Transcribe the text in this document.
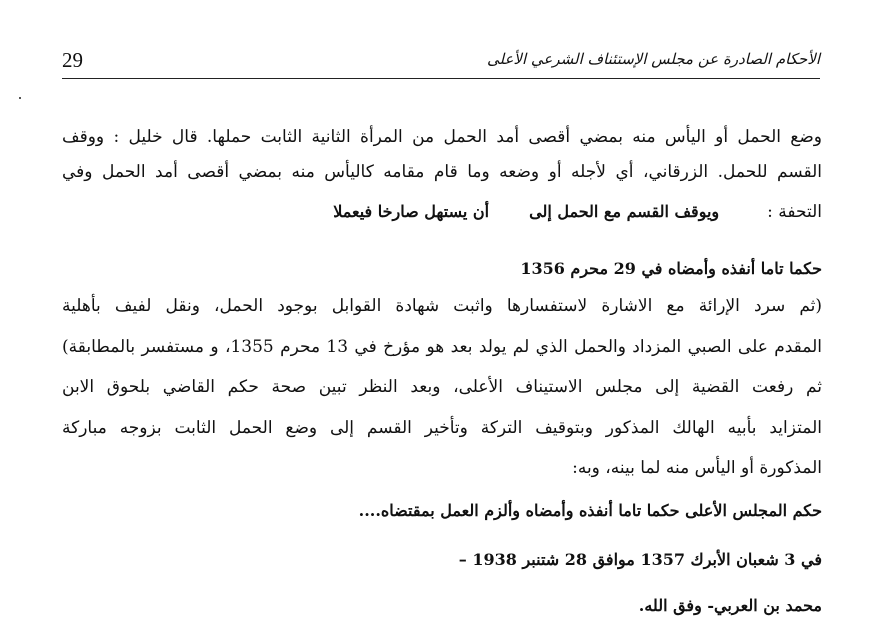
29	الأحكام الصادرة عن مجلس الإستئناف الشرعي الأعلى
وضع الحمل أو اليأس منه بمضي أقصى أمد الحمل من المرأة الثانية الثابت حملها. قال خليل : ووقف
القسم للحمل. الزرقاني، أي لأجله أو وضعه وما قام مقامه كاليأس منه بمضي أقصى أمد الحمل وفي
التحفة :ويوقف القسم مع الحمل إلىأن يستهل صارخا فيعملا
حكما تاما أنفذه وأمضاه في 29 محرم 1356
(ثم سرد الإرائة مع الاشارة لاستفسارها واثبت شهادة القوابل بوجود الحمل، ونقل لفيف بأهلية
المقدم على الصبي المزداد والحمل الذي لم يولد بعد هو مؤرخ في 13 محرم 1355، و مستفسر بالمطابقة)
ثم رفعت القضية إلى مجلس الاستيناف الأعلى، وبعد النظر تبين صحة حكم القاضي بلحوق الابن
المتزايد بأبيه الهالك المذكور وبتوقيف التركة وتأخير القسم إلى وضع الحمل الثابت بزوجه مباركة
المذكورة أو اليأس منه لما بينه، وبه:
حكم المجلس الأعلى حكما تاما أنفذه وأمضاه وألزم العمل بمقتضاه....
في 3 شعبان الأبرك 1357 موافق 28 شتنبر 1938 –
محمد بن العربي- وفق الله.
